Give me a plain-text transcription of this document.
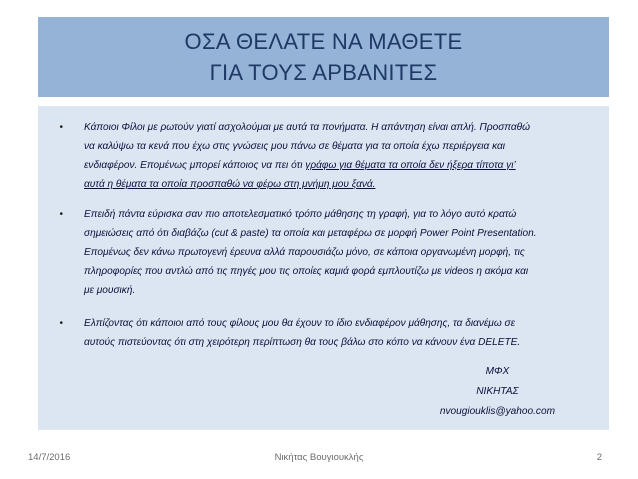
ΟΣΑ ΘΕΛΑΤΕ ΝΑ ΜΑΘΕΤΕ
ΓΙΑ ΤΟΥΣ ΑΡΒΑΝΙΤΕΣ
• Κάποιοι Φίλοι με ρωτούν γιατί ασχολούμαι με αυτά τα πονήματα. Η απάντηση είναι απλή. Προσπαθώ
να καλύψω τα κενά που έχω στις γνώσεις μου πάνω σε θέματα για τα οποία έχω περιέργεια και
ενδιαφέρον. Επομένως μπορεί κάποιος να πει ότι γράφω για θέματα τα οποία δεν ήξερα τίποτα γι’
αυτά η θέματα τα οποία προσπαθώ να φέρω στη μνήμη μου ξανά.
• Επειδή πάντα εύρισκα σαν πιο αποτελεσματικό τρόπο μάθησης τη γραφή, για το λόγο αυτό κρατώ
σημειώσεις από ότι διαβάζω (cut & paste) τα οποία και μεταφέρω σε μορφή Power Point Presentation.
Επομένως δεν κάνω πρωτογενή έρευνα αλλά παρουσιάζω μόνο, σε κάποια οργανωμένη μορφή, τις
πληροφορίες που αντλώ από τις πηγές μου τις οποίες καμιά φορά εμπλουτίζω με videos η ακόμα και
με μουσική.
• Ελπίζοντας ότι κάποιοι από τους φίλους μου θα έχουν το ίδιο ενδιαφέρον μάθησης, τα διανέμω σε
αυτούς πιστεύοντας ότι στη χειρότερη περίπτωση θα τους βάλω στο κόπο να κάνουν ένα DELETE.
ΜΦΧ
ΝΙΚΗΤΑΣ
nvougiouklis@yahoo.com
14/7/2016	Νικήτας Βουγιουκλής	2
